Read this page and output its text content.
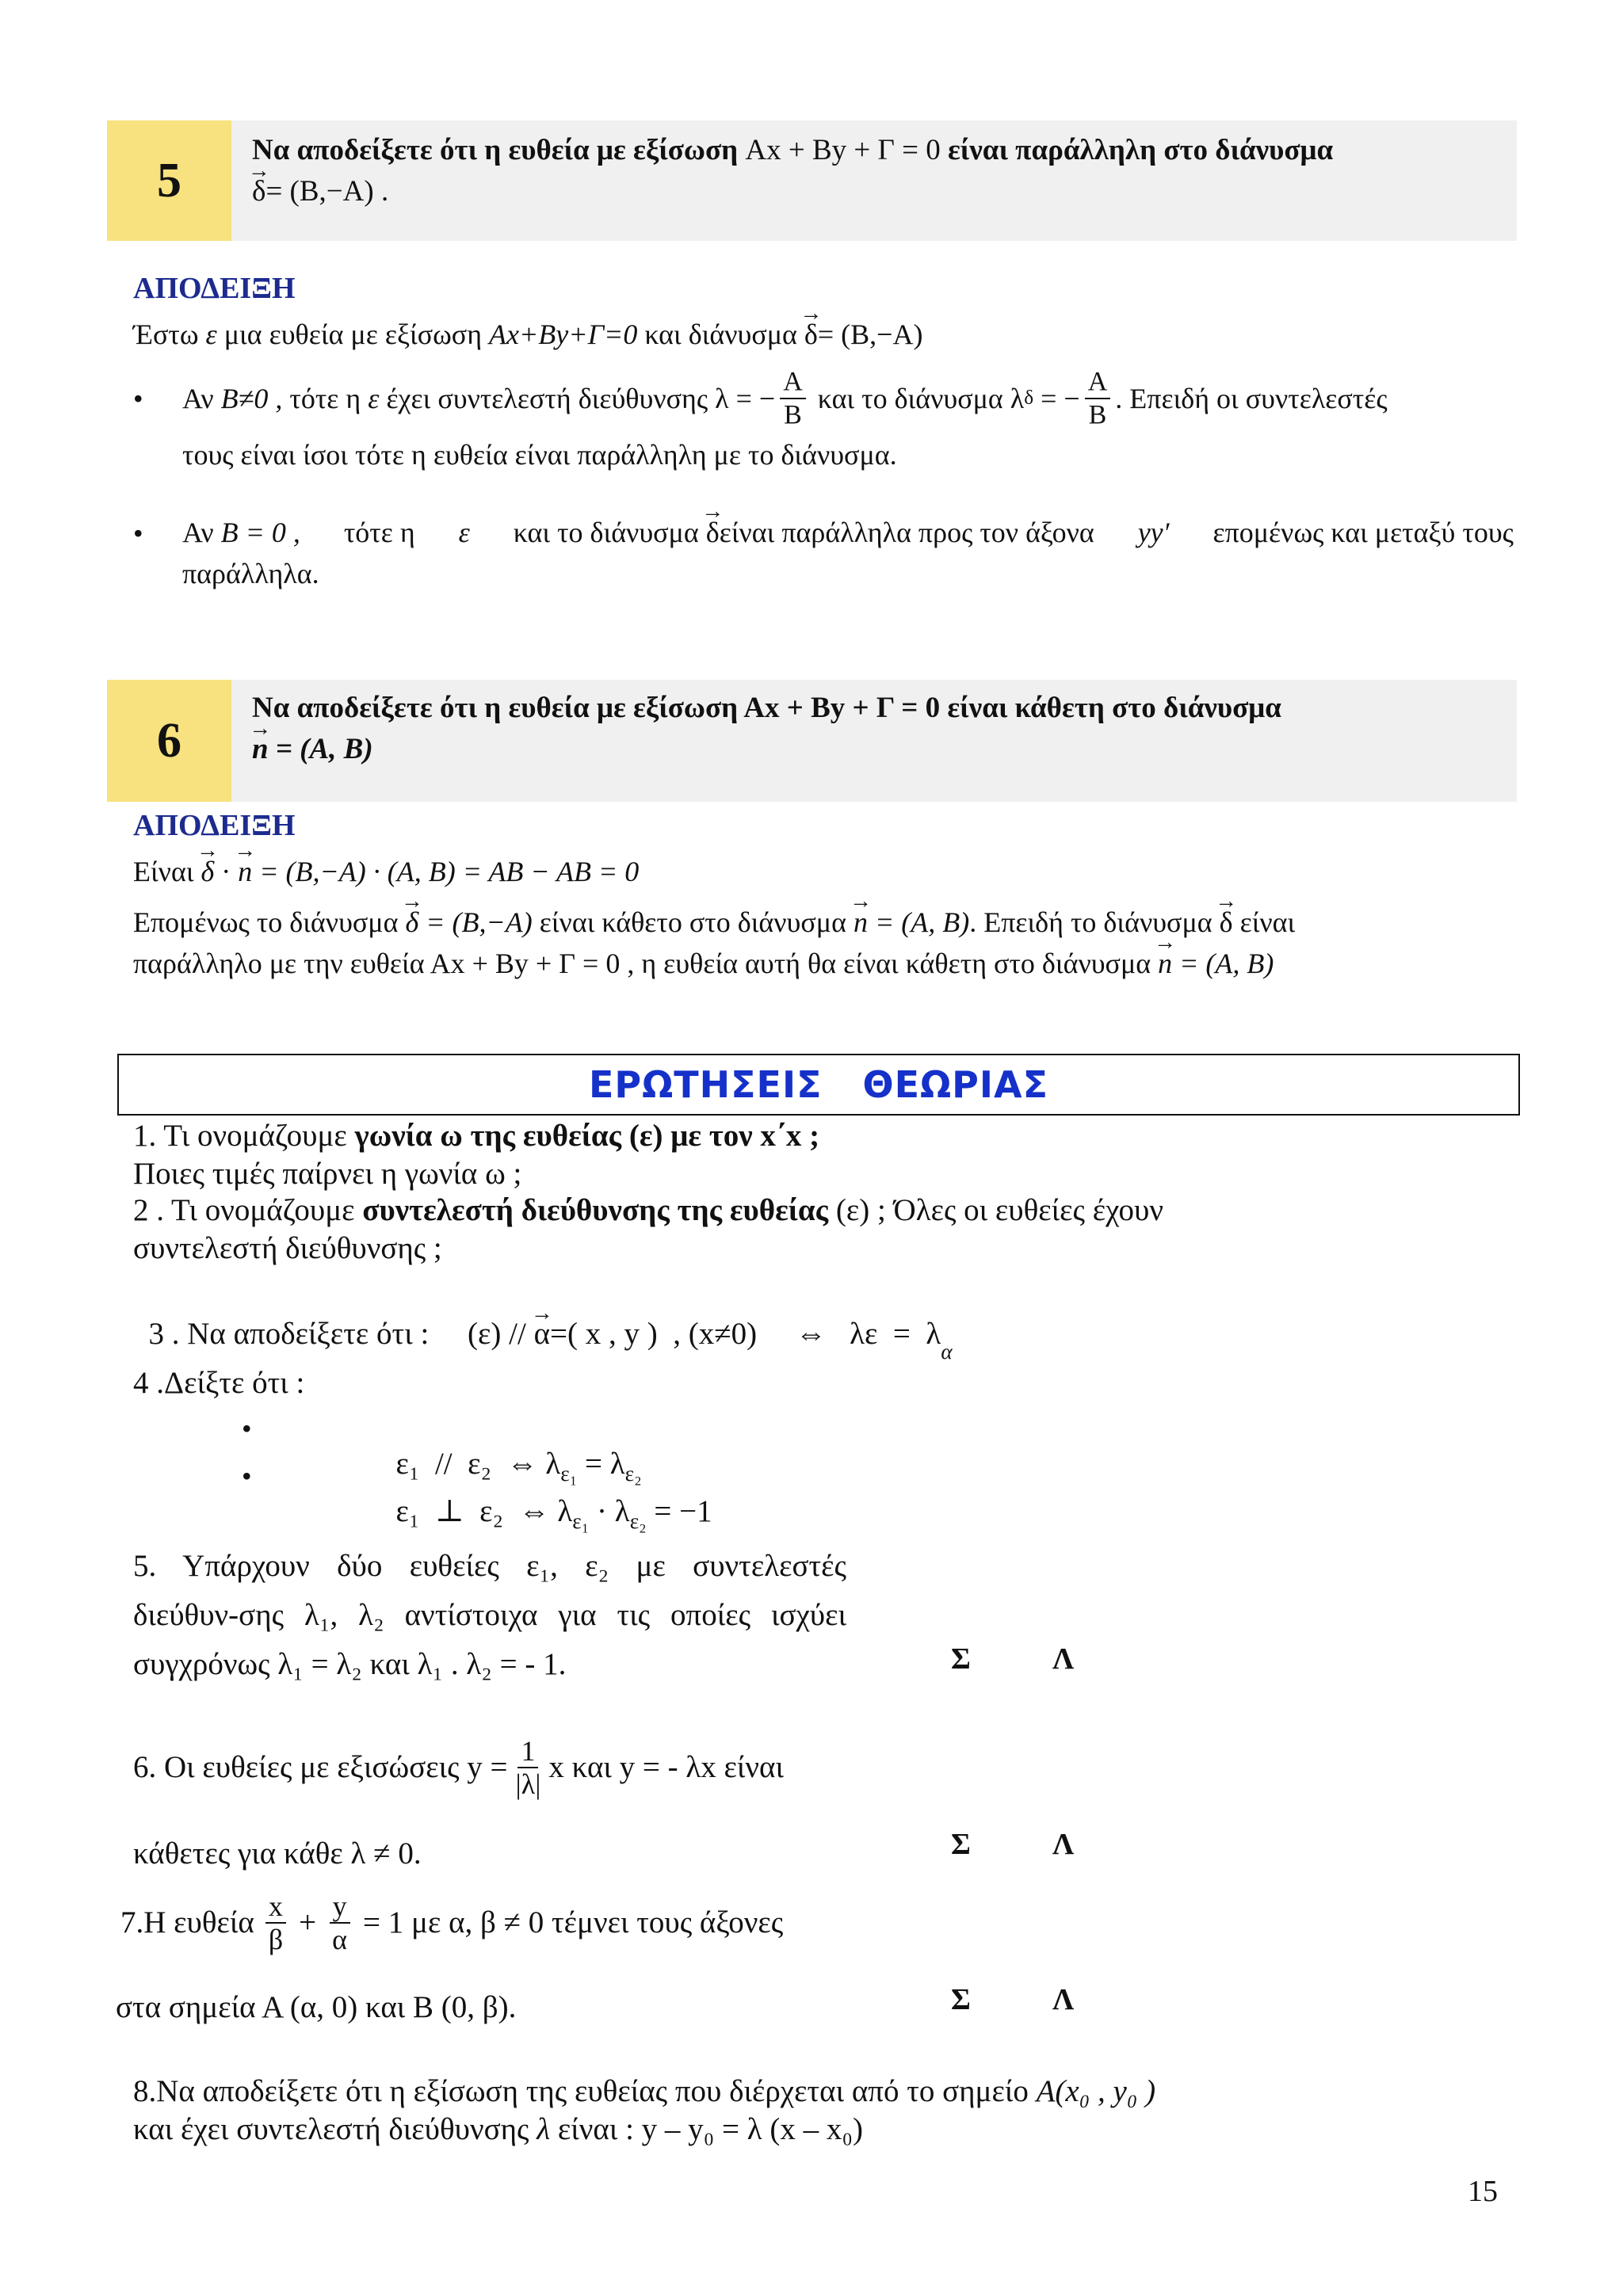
5
Να αποδείξετε ότι η ευθεία με εξίσωση Αx + By + Γ = 0 είναι παράλληλη στο διάνυσμα
→ δ= (Β,−Α) .
ΑΠΟΔΕΙΞΗ
Έστω ε μια ευθεία με εξίσωση Αx+By+Γ=0 και διάνυσμα → δ= (Β,−Α)
• Αν
Β≠0 ,
τότε η
ε
έχει συντελεστή διεύθυνσης λ = − $\frac{A}{B}$
και το διάνυσμα λ δ
= − $\frac{A}{B}$ . Επειδή οι συντελεστές
τους είναι ίσοι τότε η ευθεία είναι παράλληλη με το διάνυσμα.
• Αν Β = 0 , τότε η ε και το διάνυσμα → δείναι παράλληλα προς τον άξονα yy′ επομένως και μεταξύ τους
παράλληλα.
6
Να αποδείξετε ότι η ευθεία με εξίσωση Αx + By + Γ = 0 είναι κάθετη στο διάνυσμα
→ n = (Α, Β)
ΑΠΟΔΕΙΞΗ
Είναι → δ · → n = (Β,−Α) · (Α, Β) = ΑΒ − ΑΒ = 0
Επομένως το διάνυσμα → δ = (Β,−Α) είναι κάθετο στο διάνυσμα → n = (Α, Β). Επειδή το διάνυσμα → δ είναι
παράλληλο με την ευθεία Αx + By + Γ = 0 , η ευθεία αυτή θα είναι κάθετη στο διάνυσμα → n = (Α, Β)
ΕΡΩΤΗΣΕΙΣ   ΘΕΩΡΙΑΣ
1. Τι ονομάζουμε γωνία ω της ευθείας (ε) με τον x΄x ;
Ποιες τιμές παίρνει η γωνία ω ;
2 . Τι ονομάζουμε συντελεστή διεύθυνσης της ευθείας (ε) ; Όλες οι ευθείες έχουν
συντελεστή διεύθυνσης ;

3 . Να αποδείξετε ότι : (ε) // → α=( x , y )  , (x≠0) ⇔ $\lambda\varepsilon = \lambda_\alpha$

4 .Δείξτε ότι :
•

ε₁  //  ε₂  ⇔ $\lambda_{\varepsilon_1} = \lambda_{\varepsilon_2}$

•

ε₁  ⊥  ε₂  ⇔ $\lambda_{\varepsilon_1} \cdot \lambda_{\varepsilon_2} = -1$

5. Υπάρχουν δύο ευθείες ε₁, ε₂ με συντελεστές
διεύθυν-σης λ₁, λ₂ αντίστοιχα για τις οποίες ισχύει
συγχρόνως λ₁ = λ₂ και λ₁ . λ₂ = - 1.	Σ	Λ
6. Οι ευθείες με εξισώσεις $y = \frac{1}{|\lambda|}$ x και y = - λx είναι
κάθετες για κάθε λ ≠ 0.	Σ	Λ
7.Η ευθεία $\frac{x}{\beta} + \frac{y}{\alpha} = 1$ με α, β ≠ 0 τέμνει τους άξονες
στα σημεία Α (α, 0) και Β (0, β).	Σ	Λ
8.Να αποδείξετε ότι η εξίσωση της ευθείας που διέρχεται από το σημείο Α(x₀ , y₀ )
και έχει συντελεστή διεύθυνσης λ είναι : y – y₀ = λ (x – x₀)
15
